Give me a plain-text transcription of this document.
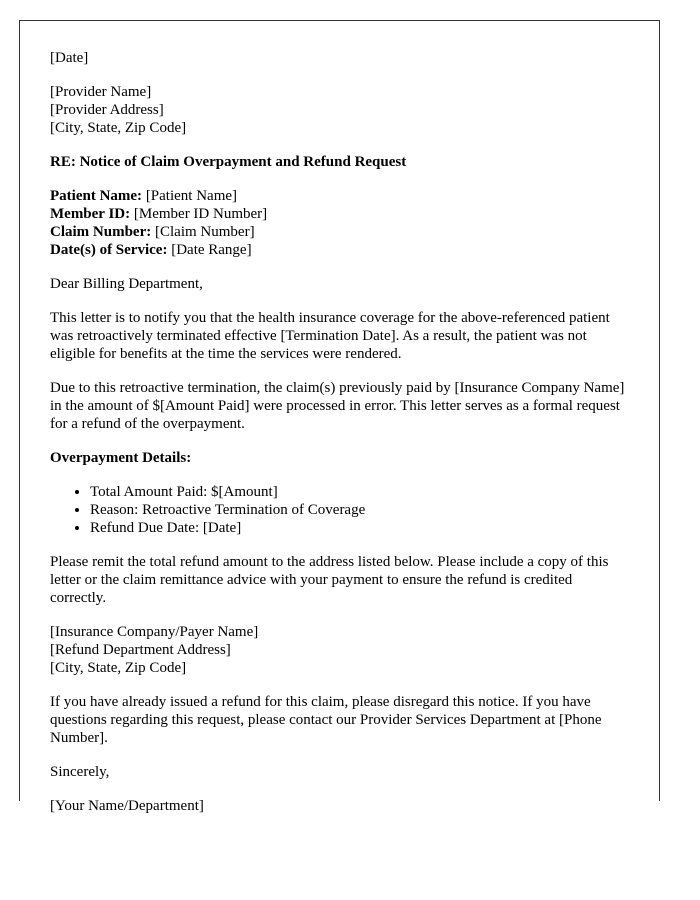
[Date]

[Provider Name]
[Provider Address]
[City, State, Zip Code]

RE: Notice of Claim Overpayment and Refund Request

Patient Name: [Patient Name]
Member ID: [Member ID Number]
Claim Number: [Claim Number]
Date(s) of Service: [Date Range]

Dear Billing Department,

This letter is to notify you that the health insurance coverage for the above-referenced patient was retroactively terminated effective [Termination Date]. As a result, the patient was not eligible for benefits at the time the services were rendered.

Due to this retroactive termination, the claim(s) previously paid by [Insurance Company Name] in the amount of $[Amount Paid] were processed in error. This letter serves as a formal request for a refund of the overpayment.

Overpayment Details:

• Total Amount Paid: $[Amount]
• Reason: Retroactive Termination of Coverage
• Refund Due Date: [Date]

Please remit the total refund amount to the address listed below. Please include a copy of this letter or the claim remittance advice with your payment to ensure the refund is credited correctly.

[Insurance Company/Payer Name]
[Refund Department Address]
[City, State, Zip Code]

If you have already issued a refund for this claim, please disregard this notice. If you have questions regarding this request, please contact our Provider Services Department at [Phone Number].

Sincerely,

[Your Name/Department]
